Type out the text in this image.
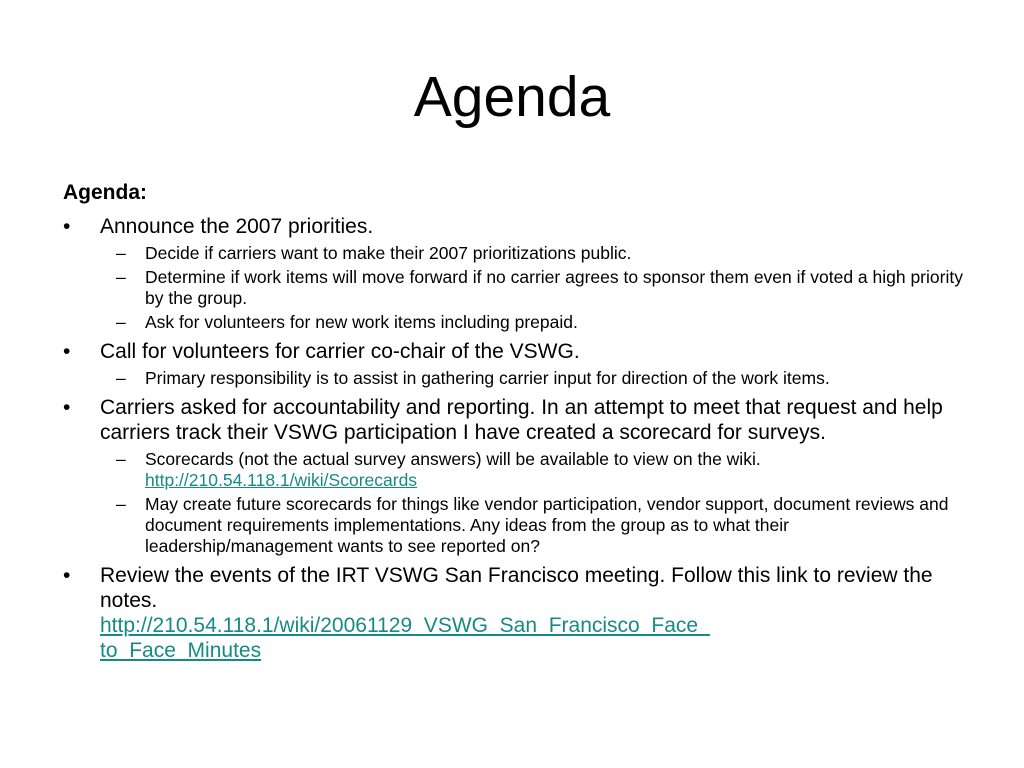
Agenda
Agenda:
•	Announce the 2007 priorities.
– Decide if carriers want to make their 2007 prioritizations public.
– Determine if work items will move forward if no carrier agrees to sponsor them even if voted a high priority by the group.
– Ask for volunteers for new work items including prepaid.
•	Call for volunteers for carrier co-chair of the VSWG.
– Primary responsibility is to assist in gathering carrier input for direction of the work items.
•	Carriers asked for accountability and reporting. In an attempt to meet that request and help carriers track their VSWG participation I have created a scorecard for surveys.
– Scorecards (not the actual survey answers) will be available to view on the wiki.  http://210.54.118.1/wiki/Scorecards
– May create future scorecards for things like vendor participation, vendor support, document reviews and document requirements implementations. Any ideas from the group as to what their leadership/management wants to see reported on?
•	Review the events of the IRT VSWG San Francisco meeting. Follow this link to review the notes.
http://210.54.118.1/wiki/20061129_VSWG_San_Francisco_Face_
to_Face_Minutes
